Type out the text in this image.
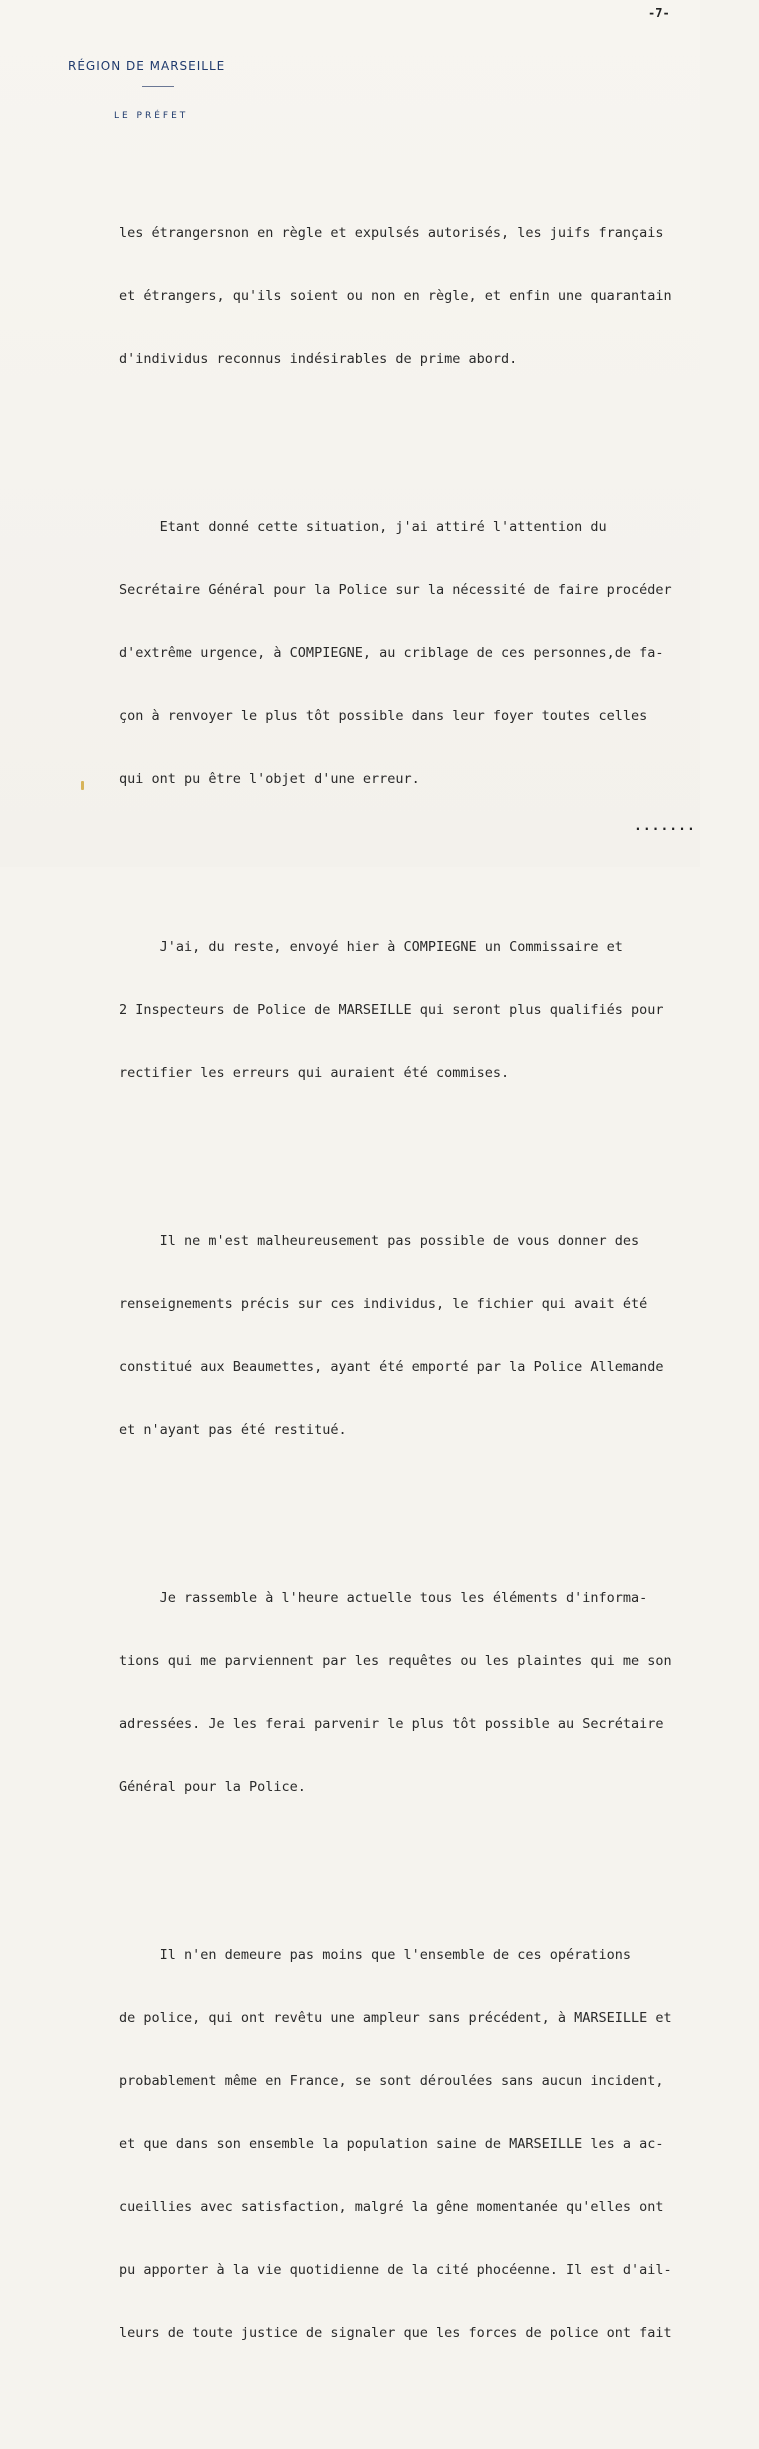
-7-
RÉGION DE MARSEILLE
LE PRÉFET

les étrangersnon en règle et expulsés autorisés, les juifs français

et étrangers, qu'ils soient ou non en règle, et enfin une quarantain

d'individus reconnus indésirables de prime abord.

Etant donné cette situation, j'ai attiré l'attention du

Secrétaire Général pour la Police sur la nécessité de faire procéder

d'extrême urgence, à COMPIEGNE, au criblage de ces personnes,de fa-

çon à renvoyer le plus tôt possible dans leur foyer toutes celles

qui ont pu être l'objet d'une erreur.

J'ai, du reste, envoyé hier à COMPIEGNE un Commissaire et

2 Inspecteurs de Police de MARSEILLE qui seront plus qualifiés pour

rectifier les erreurs qui auraient été commises.

Il ne m'est malheureusement pas possible de vous donner des

renseignements précis sur ces individus, le fichier qui avait été

constitué aux Beaumettes, ayant été emporté par la Police Allemande

et n'ayant pas été restitué.

Je rassemble à l'heure actuelle tous les éléments d'informa-

tions qui me parviennent par les requêtes ou les plaintes qui me son

adressées. Je les ferai parvenir le plus tôt possible au Secrétaire

Général pour la Police.

Il n'en demeure pas moins que l'ensemble de ces opérations

de police, qui ont revêtu une ampleur sans précédent, à MARSEILLE et

probablement même en France, se sont déroulées sans aucun incident,

et que dans son ensemble la population saine de MARSEILLE les a ac-

cueillies avec satisfaction, malgré la gêne momentanée qu'elles ont

pu apporter à la vie quotidienne de la cité phocéenne. Il est d'ail-

leurs de toute justice de signaler que les forces de police ont fait

.......
